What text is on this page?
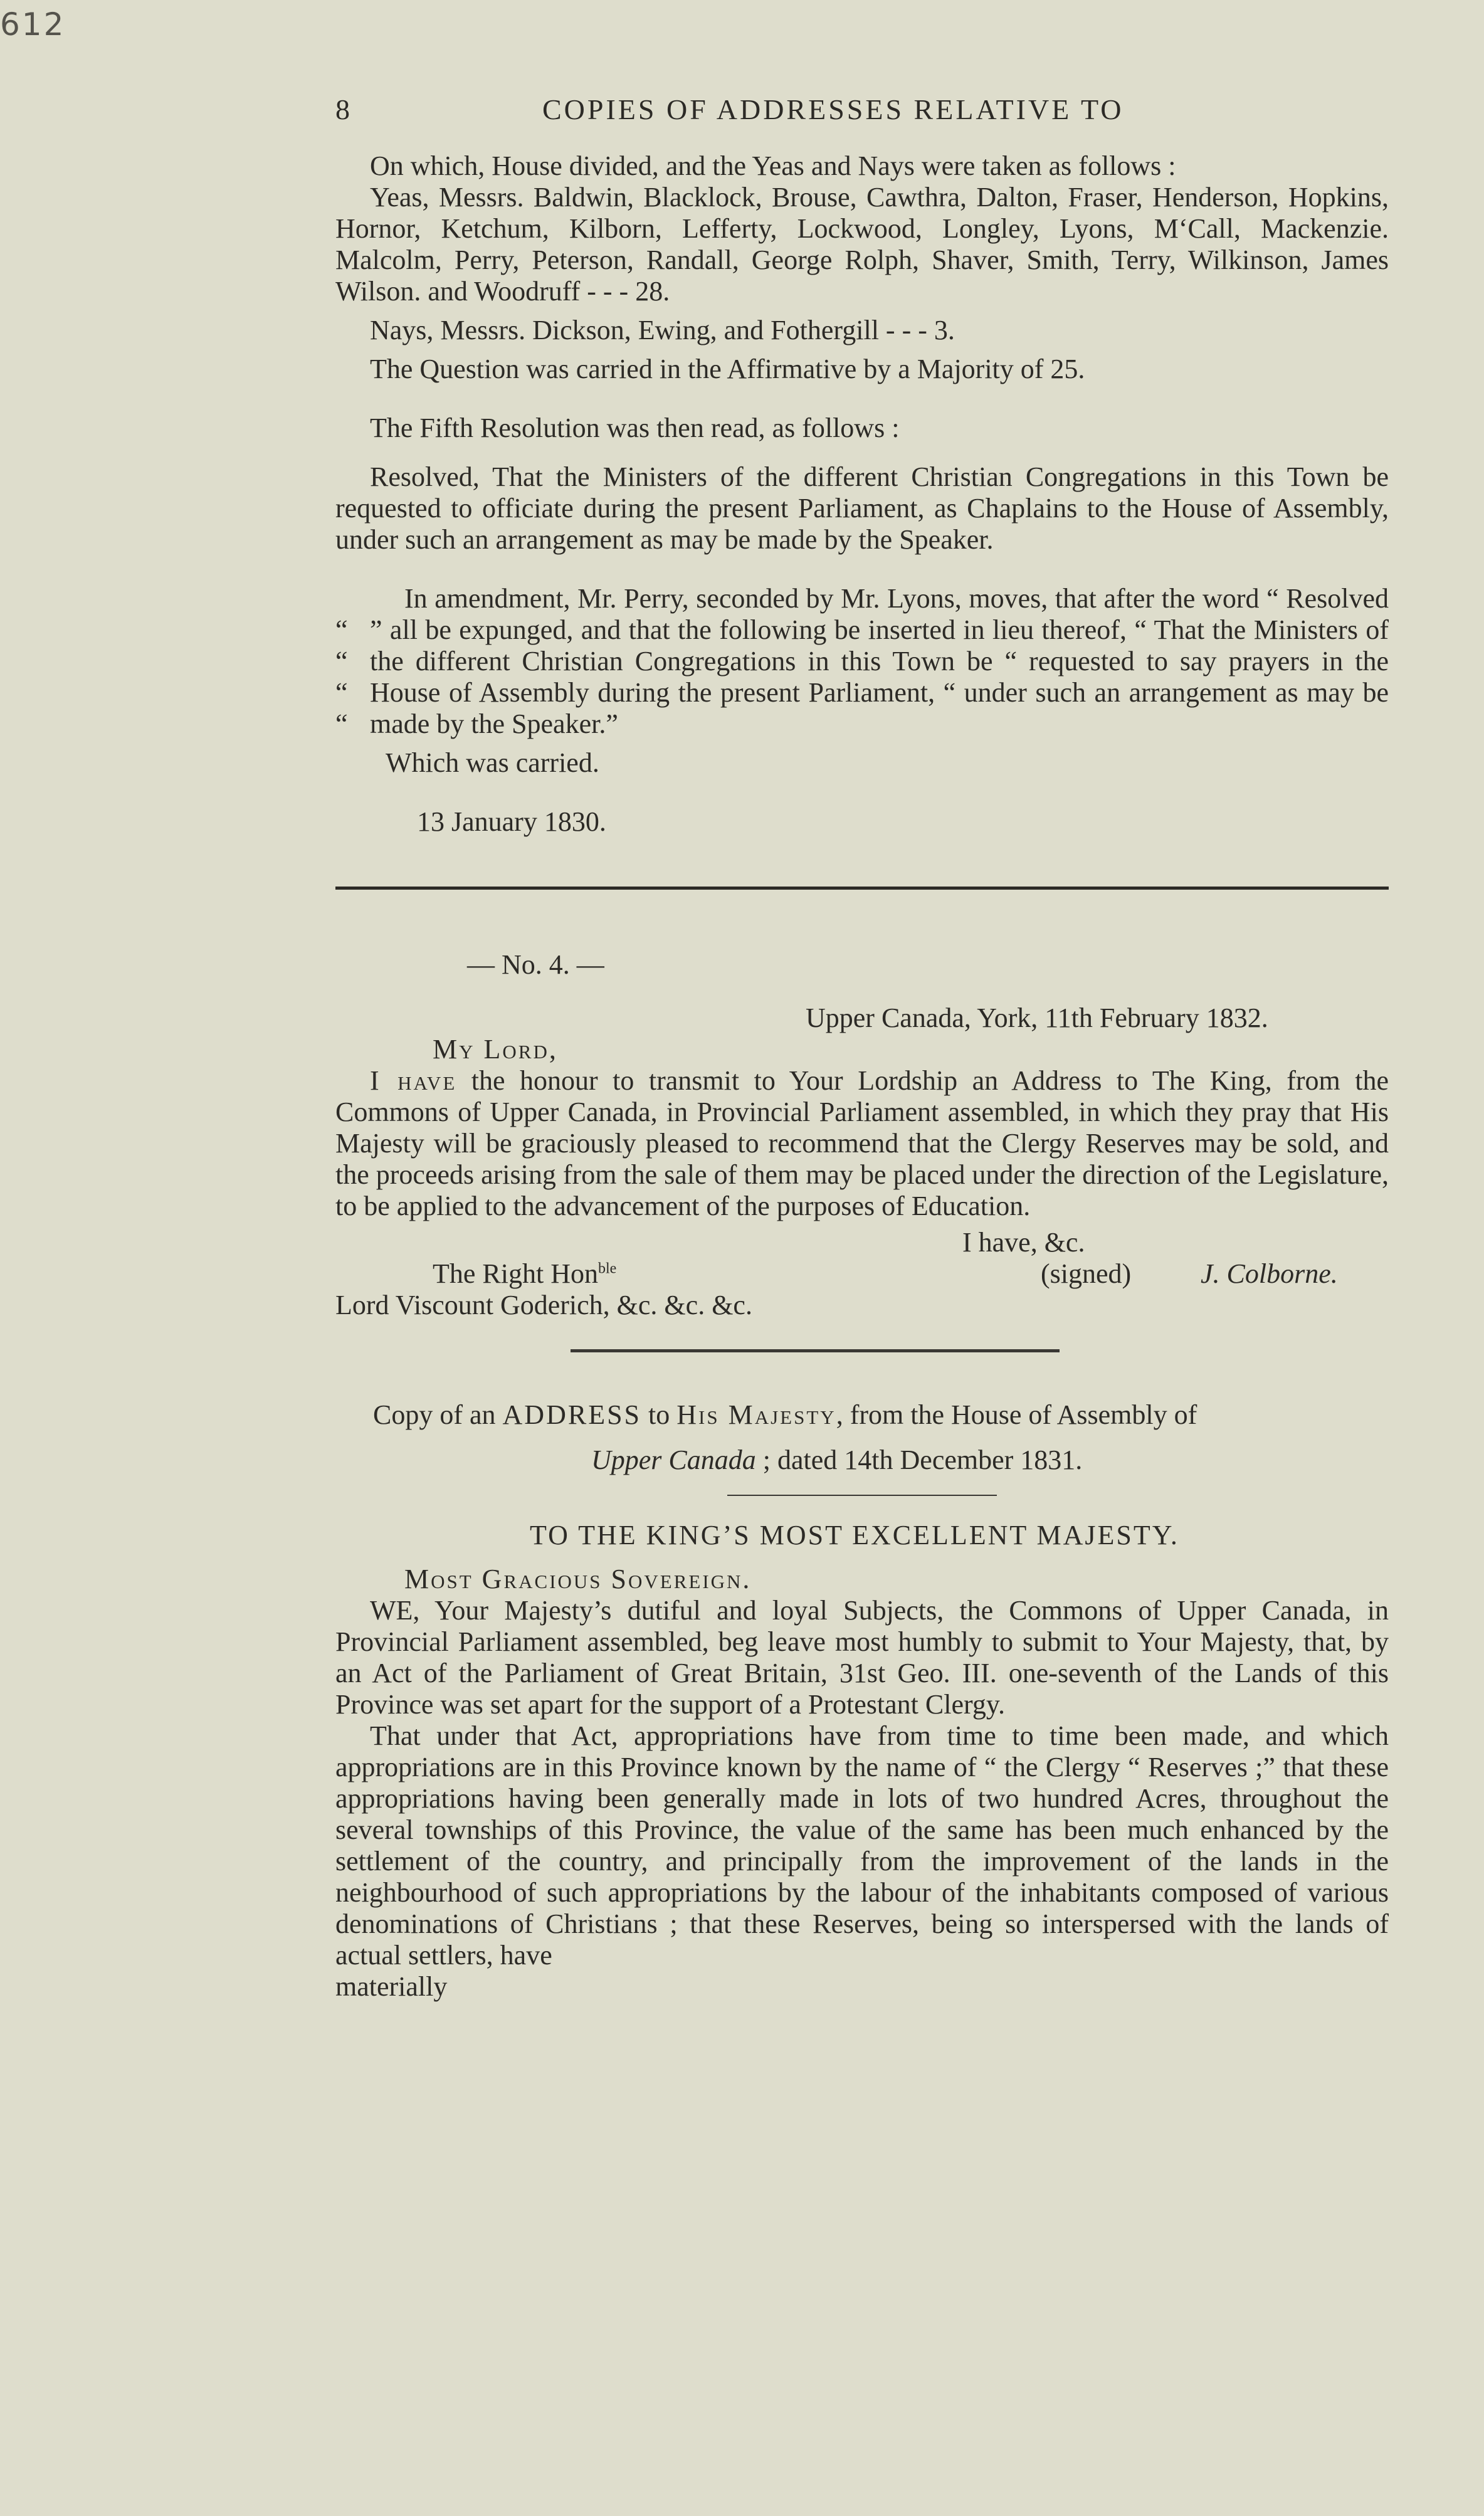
612
8	COPIES OF ADDRESSES RELATIVE TO

On which, House divided, and the Yeas and Nays were taken as follows :

Yeas, Messrs. Baldwin, Blacklock, Brouse, Cawthra, Dalton, Fraser, Henderson, Hopkins, Hornor, Ketchum, Kilborn, Lefferty, Lockwood, Longley, Lyons, M‘Call, Mackenzie. Malcolm, Perry, Peterson, Randall, George Rolph, Shaver, Smith, Terry, Wilkinson, James Wilson. and Woodruff - - - 28.

Nays, Messrs. Dickson, Ewing, and Fothergill - - - 3.

The Question was carried in the Affirmative by a Majority of 25.

The Fifth Resolution was then read, as follows :

Resolved, That the Ministers of the different Christian Congregations in this Town be requested to officiate during the present Parliament, as Chaplains to the House of Assembly, under such an arrangement as may be made by the Speaker.

“
“
“
“

In amendment, Mr. Perry, seconded by Mr. Lyons, moves, that after the word “ Resolved ” all be expunged, and that the following be inserted in lieu thereof, “ That the Ministers of the different Christian Congregations in this Town be “ requested to say prayers in the House of Assembly during the present Parliament, “ under such an arrangement as may be made by the Speaker.”

Which was carried.

13 January 1830.

— No. 4. —

Upper Canada, York, 11th February 1832.

My Lord,

I have the honour to transmit to Your Lordship an Address to The King, from the Commons of Upper Canada, in Provincial Parliament assembled, in which they pray that His Majesty will be graciously pleased to recommend that the Clergy Reserves may be sold, and the proceeds arising from the sale of them may be placed under the direction of the Legislature, to be applied to the advancement of the purposes of Education.

I have, &c.

The Right Hon$^{ble}$	(signed)	J. Colborne.

Lord Viscount Goderich, &c. &c. &c.

Copy of an ADDRESS to His Majesty, from the House of Assembly of

Upper Canada ; dated 14th December 1831.

TO THE KING’S MOST EXCELLENT MAJESTY.

Most Gracious Sovereign.

WE, Your Majesty’s dutiful and loyal Subjects, the Commons of Upper Canada, in Provincial Parliament assembled, beg leave most humbly to submit to Your Majesty, that, by an Act of the Parliament of Great Britain, 31st Geo. III. one-seventh of the Lands of this Province was set apart for the support of a Protestant Clergy.

That under that Act, appropriations have from time to time been made, and which appropriations are in this Province known by the name of “ the Clergy “ Reserves ;” that these appropriations having been generally made in lots of two hundred Acres, throughout the several townships of this Province, the value of the same has been much enhanced by the settlement of the country, and principally from the improvement of the lands in the neighbourhood of such appropriations by the labour of the inhabitants composed of various denominations of Christians ; that these Reserves, being so interspersed with the lands of actual settlers, have

materially
